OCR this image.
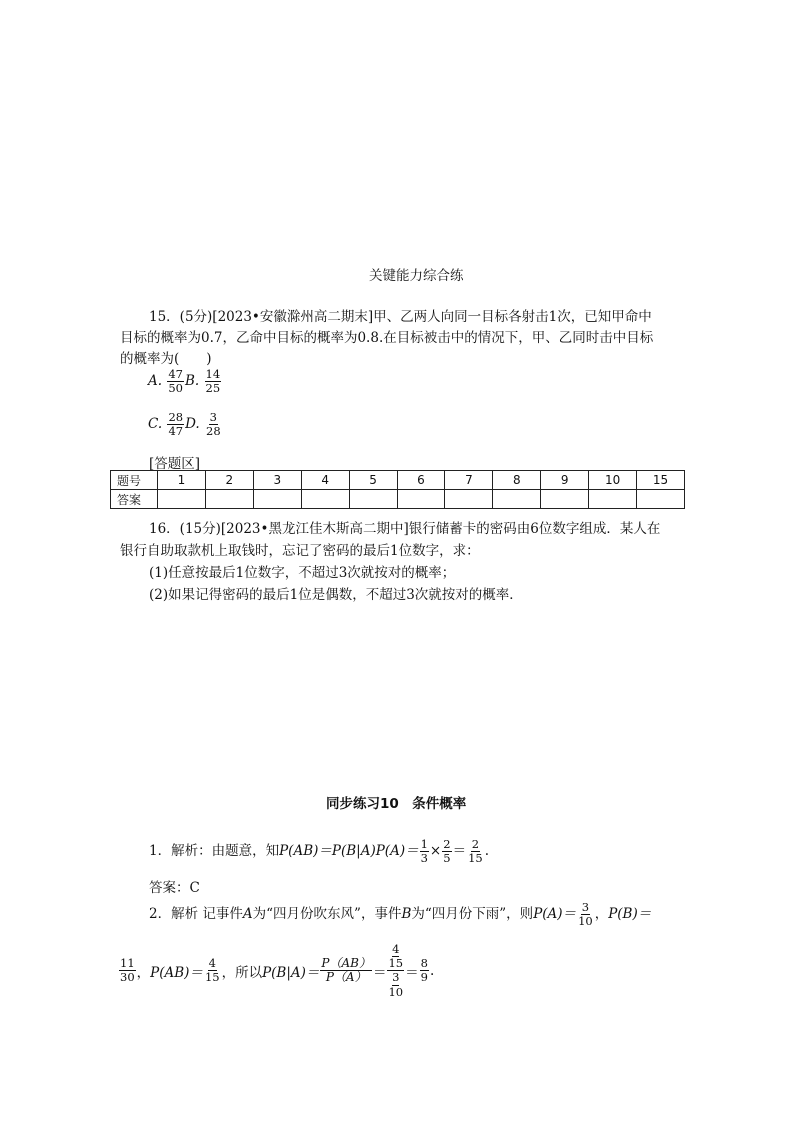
关键能力综合练
15．(5分)[2023•安徽滁州高二期末]甲、乙两人向同一目标各射击1次，已知甲命中
目标的概率为0.7，乙命中目标的概率为0.8.在目标被击中的情况下，甲、乙同时击中目标
的概率为(　　)
A. $\frac{47}{50} B$. $\frac{14}{25}$
C. $\frac{28}{47} D$. $\frac{3}{28}$
[答题区]
题号	1	2	3	4	5	6	7	8	9	10	15
答案											
16．(15分)[2023•黑龙江佳木斯高二期中]银行储蓄卡的密码由6位数字组成．某人在
银行自助取款机上取钱时，忘记了密码的最后1位数字，求：
(1)任意按最后1位数字，不超过3次就按对的概率；
(2)如果记得密码的最后1位是偶数，不超过3次就按对的概率．
同步练习10　条件概率
1．解析：由题意，知$P(AB)=P(B|A)P(A)= \frac{1}{3} \times \frac{2}{5} = \frac{2}{15}$ .
答案：C
2．解析 记事件A为“四月份吹东风”，事件B为“四月份下雨”，则$P(A)= \frac{3}{10}$ ，P(B)＝
$\frac{11}{30}$ ， $P(AB)= \frac{4}{15}$ ，所以 $P(B|A)= \frac{P(AB)}{P(A)} = \frac{\frac{4}{15}}{\frac{3}{10}} = \frac{8}{9}$ .
